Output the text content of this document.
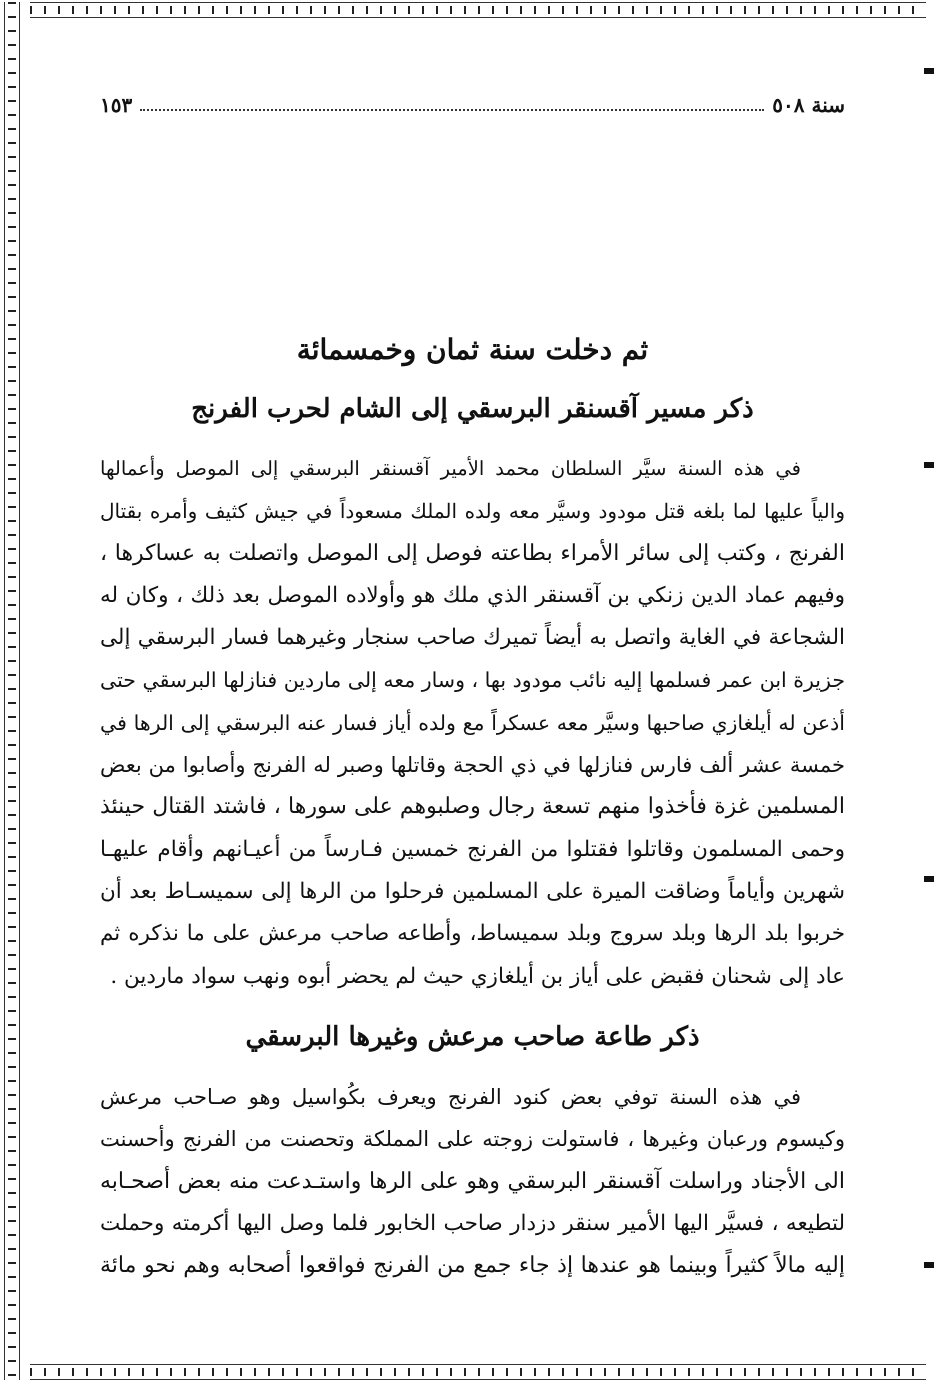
سنة ٥٠٨
١٥٣
ثم دخلت سنة ثمان وخمسمائة
ذكر مسير آقسنقر البرسقي إلى الشام لحرب الفرنج
في هذه السنة سيَّر السلطان محمد الأمير آقسنقر البرسقي إلى الموصل وأعمالها
والياً عليها لما بلغه قتل مودود وسيَّر معه ولده الملك مسعوداً في جيش كثيف وأمره بقتال
الفرنج ، وكتب إلى سائر الأمراء بطاعته فوصل إلى الموصل واتصلت به عساكرها ،
وفيهم عماد الدين زنكي بن آقسنقر الذي ملك هو وأولاده الموصل بعد ذلك ، وكان له
الشجاعة في الغاية واتصل به أيضاً تميرك صاحب سنجار وغيرهما فسار البرسقي إلى
جزيرة ابن عمر فسلمها إليه نائب مودود بها ، وسار معه إلى ماردين فنازلها البرسقي حتى
أذعن له أيلغازي صاحبها وسيَّر معه عسكراً مع ولده أياز فسار عنه البرسقي إلى الرها في
خمسة عشر ألف فارس فنازلها في ذي الحجة وقاتلها وصبر له الفرنج وأصابوا من بعض
المسلمين غزة فأخذوا منهم تسعة رجال وصلبوهم على سورها ، فاشتد القتال حينئذ
وحمى المسلمون وقاتلوا فقتلوا من الفرنج خمسين فـارساً من أعيـانهم وأقام عليهـا
شهرين وأياماً وضاقت الميرة على المسلمين فرحلوا من الرها إلى سميسـاط بعد أن
خربوا بلد الرها وبلد سروج وبلد سميساط، وأطاعه صاحب مرعش على ما نذكره ثم
عاد إلى شحنان فقبض على أياز بن أيلغازي حيث لم يحضر أبوه ونهب سواد ماردين .
ذكر طاعة صاحب مرعش وغيرها البرسقي
في هذه السنة توفي بعض كنود الفرنج ويعرف بكُواسيل وهو صـاحب مرعش
وكيسوم ورعبان وغيرها ، فاستولت زوجته على المملكة وتحصنت من الفرنج وأحسنت
الى الأجناد وراسلت آقسنقر البرسقي وهو على الرها واستـدعت منه بعض أصحـابه
لتطيعه ، فسيَّر اليها الأمير سنقر دزدار صاحب الخابور فلما وصل اليها أكرمته وحملت
إليه مالاً كثيراً وبينما هو عندها إذ جاء جمع من الفرنج فواقعوا أصحابه وهم نحو مائة
